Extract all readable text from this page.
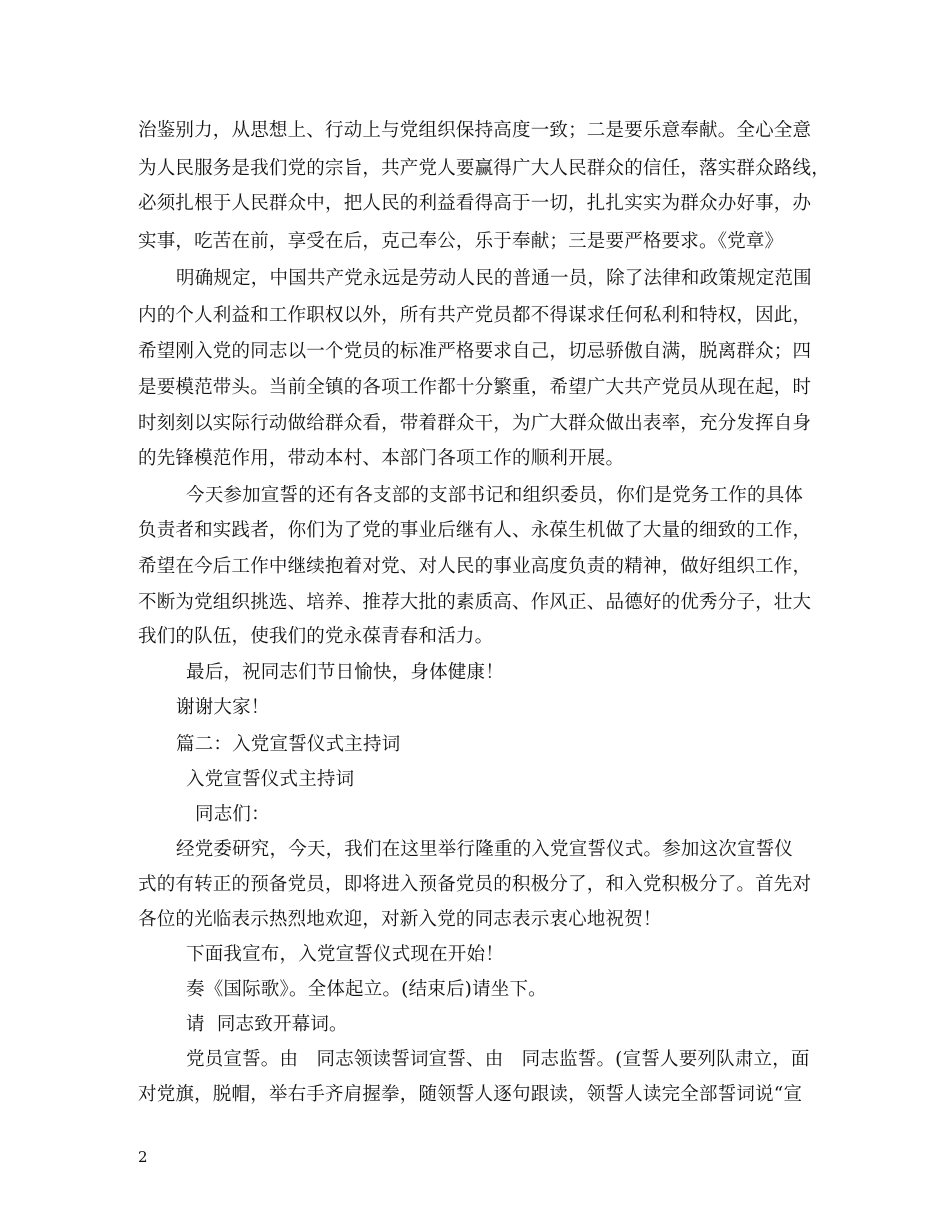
治鉴别力，从思想上、行动上与党组织保持高度一致；二是要乐意奉献。全心全意
为人民服务是我们党的宗旨，共产党人要赢得广大人民群众的信任，落实群众路线，
必须扎根于人民群众中，把人民的利益看得高于一切，扎扎实实为群众办好事，办
实事，吃苦在前，享受在后，克己奉公，乐于奉献；三是要严格要求。《党章》
明确规定，中国共产党永远是劳动人民的普通一员，除了法律和政策规定范围
内的个人利益和工作职权以外，所有共产党员都不得谋求任何私利和特权，因此，
希望刚入党的同志以一个党员的标准严格要求自己，切忌骄傲自满，脱离群众；四
是要模范带头。当前全镇的各项工作都十分繁重，希望广大共产党员从现在起，时
时刻刻以实际行动做给群众看，带着群众干，为广大群众做出表率，充分发挥自身
的先锋模范作用，带动本村、本部门各项工作的顺利开展。
今天参加宣誓的还有各支部的支部书记和组织委员，你们是党务工作的具体
负责者和实践者，你们为了党的事业后继有人、永葆生机做了大量的细致的工作，
希望在今后工作中继续抱着对党、对人民的事业高度负责的精神，做好组织工作，
不断为党组织挑选、培养、推荐大批的素质高、作风正、品德好的优秀分子，壮大
我们的队伍，使我们的党永葆青春和活力。
最后，祝同志们节日愉快，身体健康！
谢谢大家！
篇二：入党宣誓仪式主持词
入党宣誓仪式主持词
同志们：
经党委研究，今天，我们在这里举行隆重的入党宣誓仪式。参加这次宣誓仪
式的有转正的预备党员，即将进入预备党员的积极分了，和入党积极分了。首先对
各位的光临表示热烈地欢迎，对新入党的同志表示衷心地祝贺！
下面我宣布，入党宣誓仪式现在开始！
奏《国际歌》。全体起立。(结束后)请坐下。
请  同志致开幕词。
党员宣誓。由   同志领读誓词宣誓、由   同志监誓。(宣誓人要列队肃立，面
对党旗，脱帽，举右手齐肩握拳，随领誓人逐句跟读，领誓人读完全部誓词说“宣
2
